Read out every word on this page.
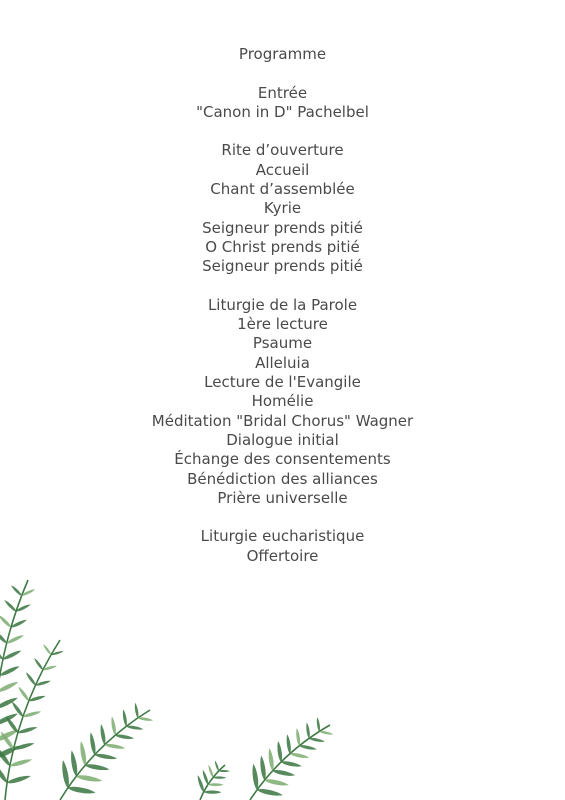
Programme
Entrée
"Canon in D" Pachelbel
Rite d’ouverture
Accueil
Chant d’assemblée
Kyrie
Seigneur prends pitié
O Christ prends pitié
Seigneur prends pitié
Liturgie de la Parole
1ère lecture
Psaume
Alleluia
Lecture de l'Evangile
Homélie
Méditation "Bridal Chorus" Wagner
Dialogue initial
Échange des consentements
Bénédiction des alliances
Prière universelle
Liturgie eucharistique
Offertoire
